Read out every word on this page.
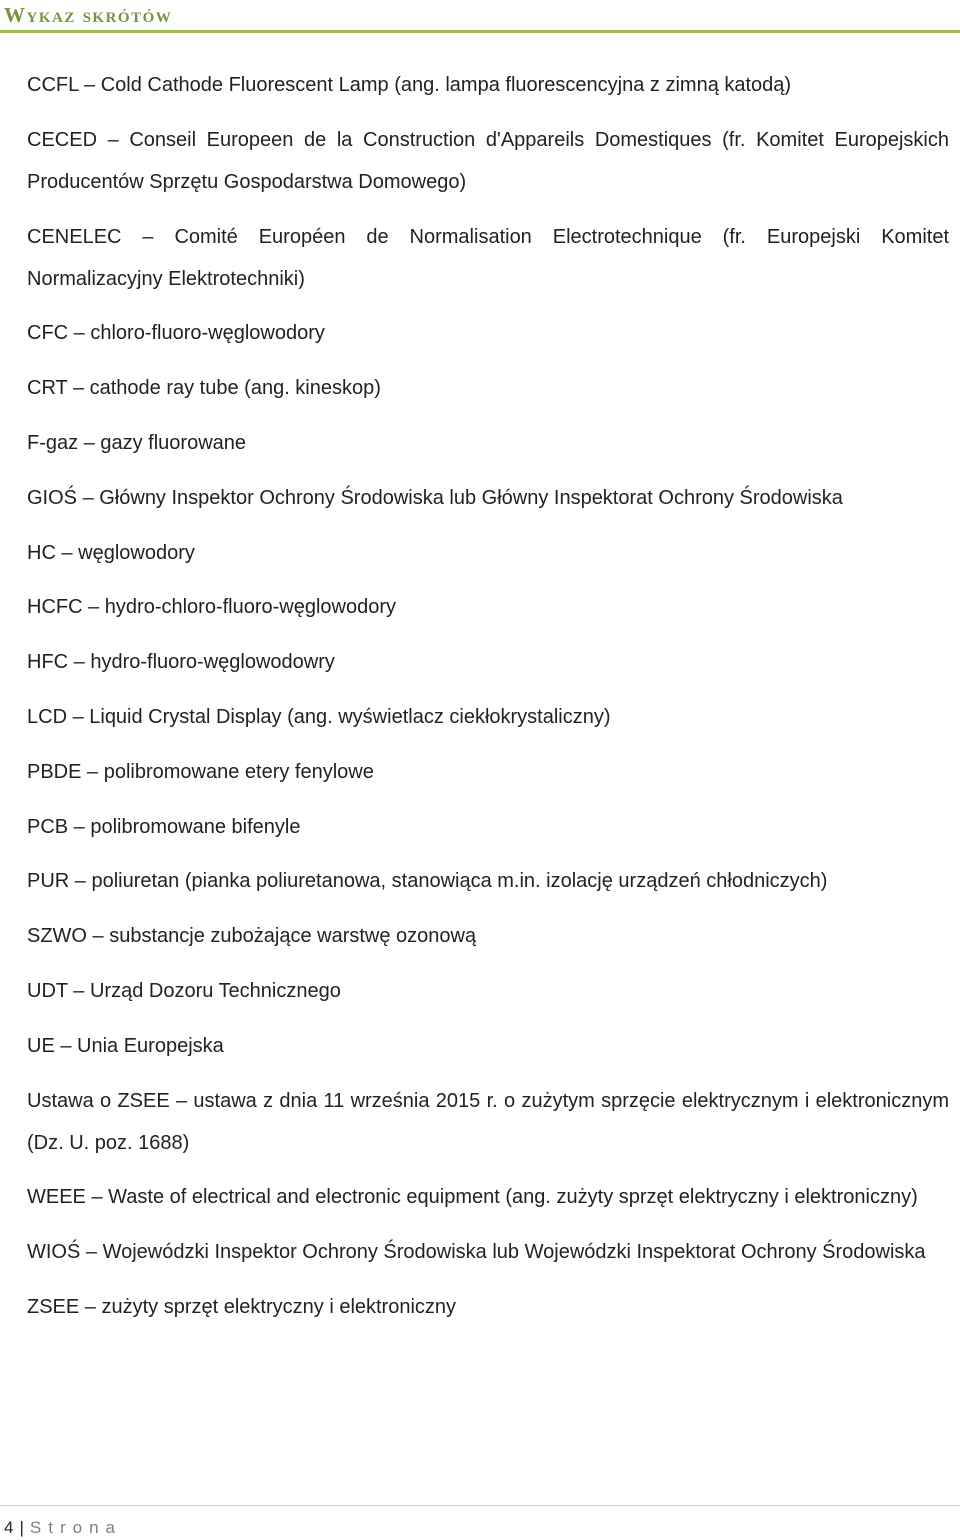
Wykaz skrótów
CCFL – Cold Cathode Fluorescent Lamp (ang. lampa fluorescencyjna z zimną katodą)
CECED – Conseil Europeen de la Construction d'Appareils Domestiques (fr. Komitet Europejskich Producentów Sprzętu Gospodarstwa Domowego)
CENELEC – Comité Européen de Normalisation Electrotechnique (fr. Europejski Komitet Normalizacyjny Elektrotechniki)
CFC – chloro-fluoro-węglowodory
CRT – cathode ray tube (ang. kineskop)
F-gaz – gazy fluorowane
GIOŚ – Główny Inspektor Ochrony Środowiska lub Główny Inspektorat Ochrony Środowiska
HC – węglowodory
HCFC – hydro-chloro-fluoro-węglowodory
HFC – hydro-fluoro-węglowodowry
LCD – Liquid Crystal Display (ang. wyświetlacz ciekłokrystaliczny)
PBDE – polibromowane etery fenylowe
PCB – polibromowane bifenyle
PUR – poliuretan (pianka poliuretanowa, stanowiąca m.in. izolację urządzeń chłodniczych)
SZWO – substancje zubożające warstwę ozonową
UDT – Urząd Dozoru Technicznego
UE – Unia Europejska
Ustawa o ZSEE – ustawa z dnia 11 września 2015 r. o zużytym sprzęcie elektrycznym i elektronicznym (Dz. U. poz. 1688)
WEEE – Waste of electrical and electronic equipment (ang. zużyty sprzęt elektryczny i elektroniczny)
WIOŚ – Wojewódzki Inspektor Ochrony Środowiska lub Wojewódzki Inspektorat Ochrony Środowiska
ZSEE – zużyty sprzęt elektryczny i elektroniczny
4 | Strona
